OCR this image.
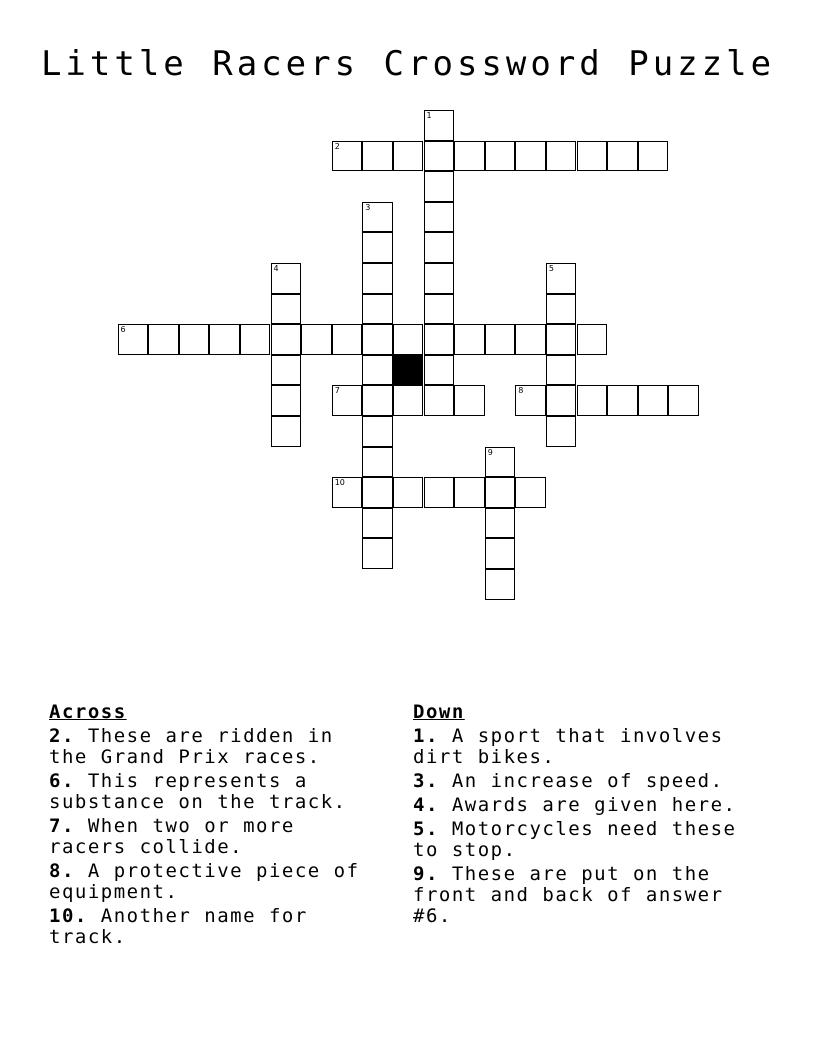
Little Racers Crossword Puzzle
1
2
3
4	5
6
7	8
9
10
Across
2. These are ridden in the Grand Prix races.
6. This represents a substance on the track.
7. When two or more racers collide.
8. A protective piece of equipment.
10. Another name for track.
Down
1. A sport that involves dirt bikes.
3. An increase of speed.
4. Awards are given here.
5. Motorcycles need these to stop.
9. These are put on the front and back of answer #6.
